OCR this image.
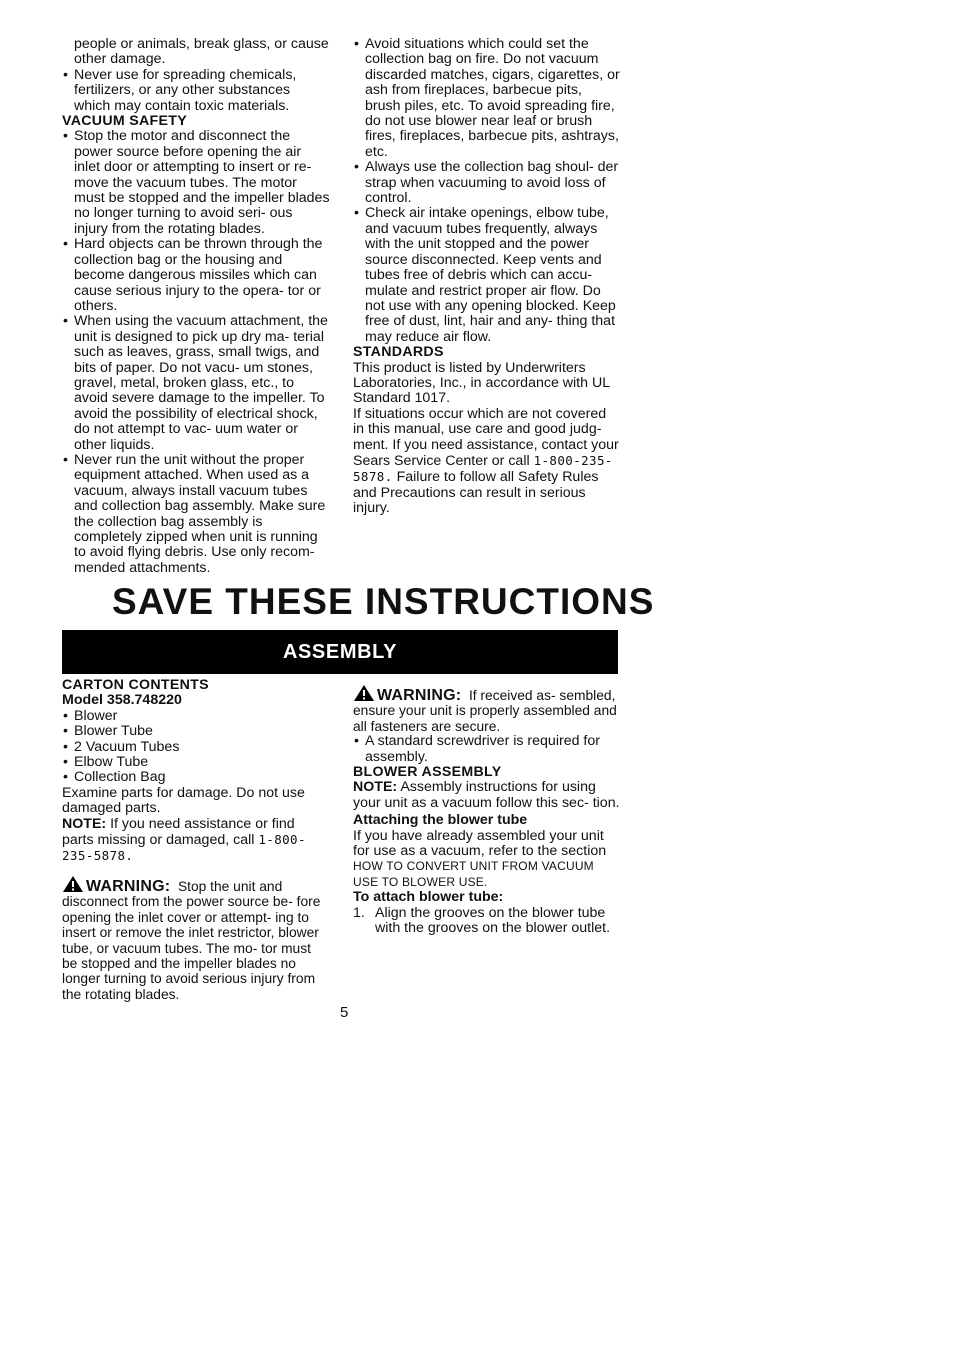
people or animals, break glass, or cause other damage.

• Never use for spreading chemicals, fertilizers, or any other substances which may contain toxic materials.

VACUUM SAFETY

• Stop the motor and disconnect the power source before opening the air inlet door or attempting to insert or re- move the vacuum tubes. The motor must be stopped and the impeller blades no longer turning to avoid seri- ous injury from the rotating blades.
• Hard objects can be thrown through the collection bag or the housing and become dangerous missiles which can cause serious injury to the opera- tor or others.
• When using the vacuum attachment, the unit is designed to pick up dry ma- terial such as leaves, grass, small twigs, and bits of paper. Do not vacu- um stones, gravel, metal, broken glass, etc., to avoid severe damage to the impeller. To avoid the possibility of electrical shock, do not attempt to vac- uum water or other liquids.
• Never run the unit without the proper equipment attached. When used as a vacuum, always install vacuum tubes and collection bag assembly. Make sure the collection bag assembly is completely zipped when unit is running to avoid flying debris. Use only recom- mended attachments.
• Avoid situations which could set the collection bag on fire. Do not vacuum discarded matches, cigars, cigarettes, or ash from fireplaces, barbecue pits, brush piles, etc. To avoid spreading fire, do not use blower near leaf or brush fires, fireplaces, barbecue pits, ashtrays, etc.
• Always use the collection bag shoul- der strap when vacuuming to avoid loss of control.
• Check air intake openings, elbow tube, and vacuum tubes frequently, always with the unit stopped and the power source disconnected. Keep vents and tubes free of debris which can accu- mulate and restrict proper air flow. Do not use with any opening blocked. Keep free of dust, lint, hair and any- thing that may reduce air flow.

STANDARDS

This product is listed by Underwriters Laboratories, Inc., in accordance with UL Standard 1017.

If situations occur which are not covered in this manual, use care and good judg- ment. If you need assistance, contact your Sears Service Center or call 1-800-235-5878. Failure to follow all Safety Rules and Precautions can result in serious injury.

SAVE THESE INSTRUCTIONS
ASSEMBLY

CARTON CONTENTS

Model 358.748220

• Blower
• Blower Tube
• 2 Vacuum Tubes
• Elbow Tube
• Collection Bag

Examine parts for damage. Do not use damaged parts.

NOTE: If you need assistance or find parts missing or damaged, call 1-800-235-5878.

WARNING: Stop the unit and disconnect from the power source be- fore opening the inlet cover or attempt- ing to insert or remove the inlet restrictor, blower tube, or vacuum tubes. The mo- tor must be stopped and the impeller blades no longer turning to avoid serious injury from the rotating blades.

WARNING: If received as- sembled, ensure your unit is properly assembled and all fasteners are secure.

• A standard screwdriver is required for assembly.

BLOWER ASSEMBLY

NOTE: Assembly instructions for using your unit as a vacuum follow this sec- tion.

Attaching the blower tube

If you have already assembled your unit for use as a vacuum, refer to the section HOW TO CONVERT UNIT FROM VACUUM USE TO BLOWER USE.

To attach blower tube:

1. Align the grooves on the blower tube with the grooves on the blower outlet.
5
